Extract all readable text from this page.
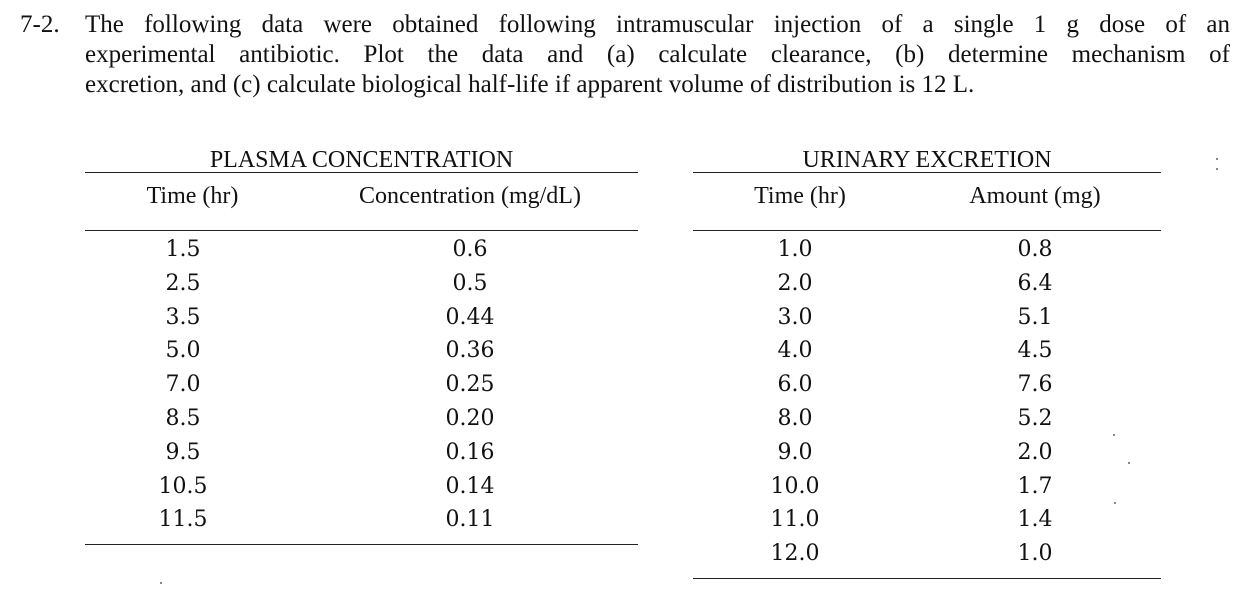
7-2. The following data were obtained following intramuscular injection of a single 1 g dose of an
experimental antibiotic. Plot the data and (a) calculate clearance, (b) determine mechanism of
excretion, and (c) calculate biological half-life if apparent volume of distribution is 12 L.
PLASMA CONCENTRATION
Time (hr)	Concentration (mg/dL)
1.5	0.6
2.5	0.5
3.5	0.44
5.0	0.36
7.0	0.25
8.5	0.20
9.5	0.16
10.5	0.14
11.5	0.11
URINARY EXCRETION
Time (hr)	Amount (mg)
1.0	0.8
2.0	6.4
3.0	5.1
4.0	4.5
6.0	7.6
8.0	5.2
9.0	2.0
10.0	1.7
11.0	1.4
12.0	1.0
